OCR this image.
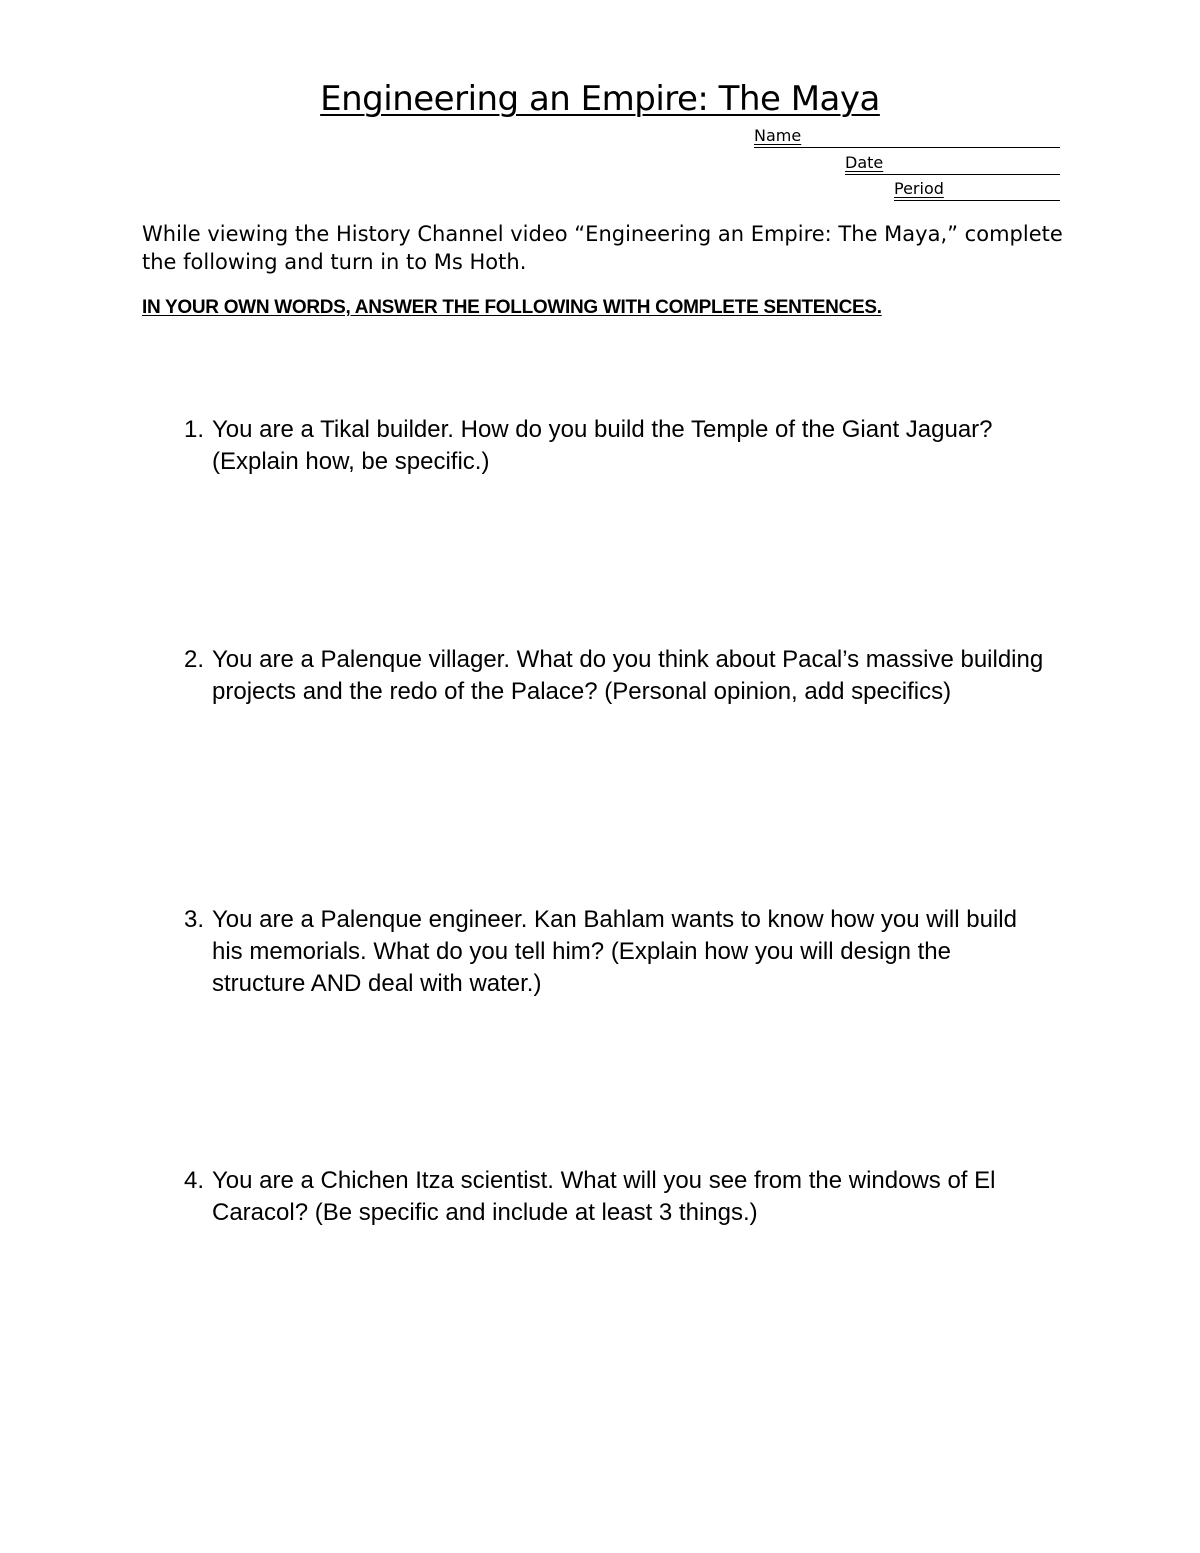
Engineering an Empire: The Maya
Name
Date
Period
While viewing the History Channel video “Engineering an Empire: The Maya,” complete the following and turn in to Ms Hoth.
IN YOUR OWN WORDS, ANSWER THE FOLLOWING WITH COMPLETE SENTENCES.
1. You are a Tikal builder. How do you build the Temple of the Giant Jaguar? (Explain how, be specific.)
2. You are a Palenque villager. What do you think about Pacal’s massive building projects and the redo of the Palace? (Personal opinion, add specifics)
3. You are a Palenque engineer. Kan Bahlam wants to know how you will build his memorials. What do you tell him? (Explain how you will design the structure AND deal with water.)
4. You are a Chichen Itza scientist. What will you see from the windows of El Caracol? (Be specific and include at least 3 things.)
